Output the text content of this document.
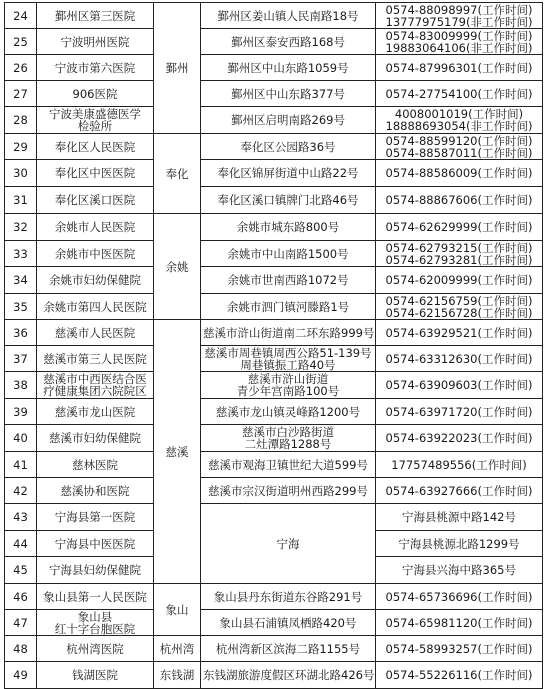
24	鄞州区第三医院	鄞州	鄞州区姜山镇人民南路18号	0574-88098997(工作时间)
13777975179(非工作时间)	

25	宁波明州医院		鄞州区泰安西路168号	0574-83009999(工作时间)
19883064106(非工作时间)	

26	宁波市第六医院		鄞州区中山东路1059号	0574-87996301(工作时间)	
27	906医院		鄞州区中山东路377号	0574-27754100(工作时间)	
28	宁波美康盛德医学
检验所		鄞州区启明南路269号	4008001019(工作时间)
18888693054(非工作时间)	

29	奉化区人民医院	奉化	奉化区公园路36号	0574-88599120(工作时间)
0574-88587011(工作时间)	

30	奉化区中医医院		奉化区锦屏街道中山路22号	0574-88586009(工作时间)	
31	奉化区溪口医院		奉化区溪口镇牌门北路46号	0574-88867606(工作时间)	
32	余姚市人民医院	余姚	余姚市城东路800号	0574-62629999(工作时间)	
33	余姚市中医医院		余姚市中山南路1500号	0574-62793215(工作时间)
0574-62793281(工作时间)	

34	余姚市妇幼保健院		余姚市世南西路1072号	0574-62009999(工作时间)	
35	余姚市第四人民医院		余姚市泗门镇河滕路1号	0574-62156759(工作时间)
0574-62156728(工作时间)	

36	慈溪市人民医院	慈溪	慈溪市浒山街道南二环东路999号	0574-63929521(工作时间)	
37	慈溪市第三人民医院		慈溪市周巷镇周西公路51-139号
周巷镇振工路40号	0574-63312630(工作时间)	
38	慈溪市中西医结合医
疗健康集团六院院区		慈溪市浒山街道
青少年宫南路100号	0574-63909603(工作时间)	
39	慈溪市龙山医院		慈溪市龙山镇灵峰路1200号	0574-63971720(工作时间)	
40	慈溪市妇幼保健院		慈溪市白沙路街道
二灶潭路1288号	0574-63922023(工作时间)	
41	慈林医院		慈溪市观海卫镇世纪大道599号	17757489556(工作时间)	
42	慈溪协和医院		慈溪市宗汉街道明州西路299号	0574-63927666(工作时间)	
43	宁海县第一医院		宁海	宁海县桃源中路142号	
44	宁海县中医医院			宁海县桃源北路1299号	
45	宁海县妇幼保健院			宁海县兴海中路365号	
46	象山县第一人民医院	象山	象山县丹东街道东谷路291号	0574-65736696(工作时间)	
47	象山县
红十字台胞医院		象山县石浦镇凤栖路420号	0574-65981120(工作时间)	
48	杭州湾医院	杭州湾	杭州湾新区滨海二路1155号	0574-58993257(工作时间)	
49	钱湖医院	东钱湖	东钱湖旅游度假区环湖北路426号	0574-55226116(工作时间)	
